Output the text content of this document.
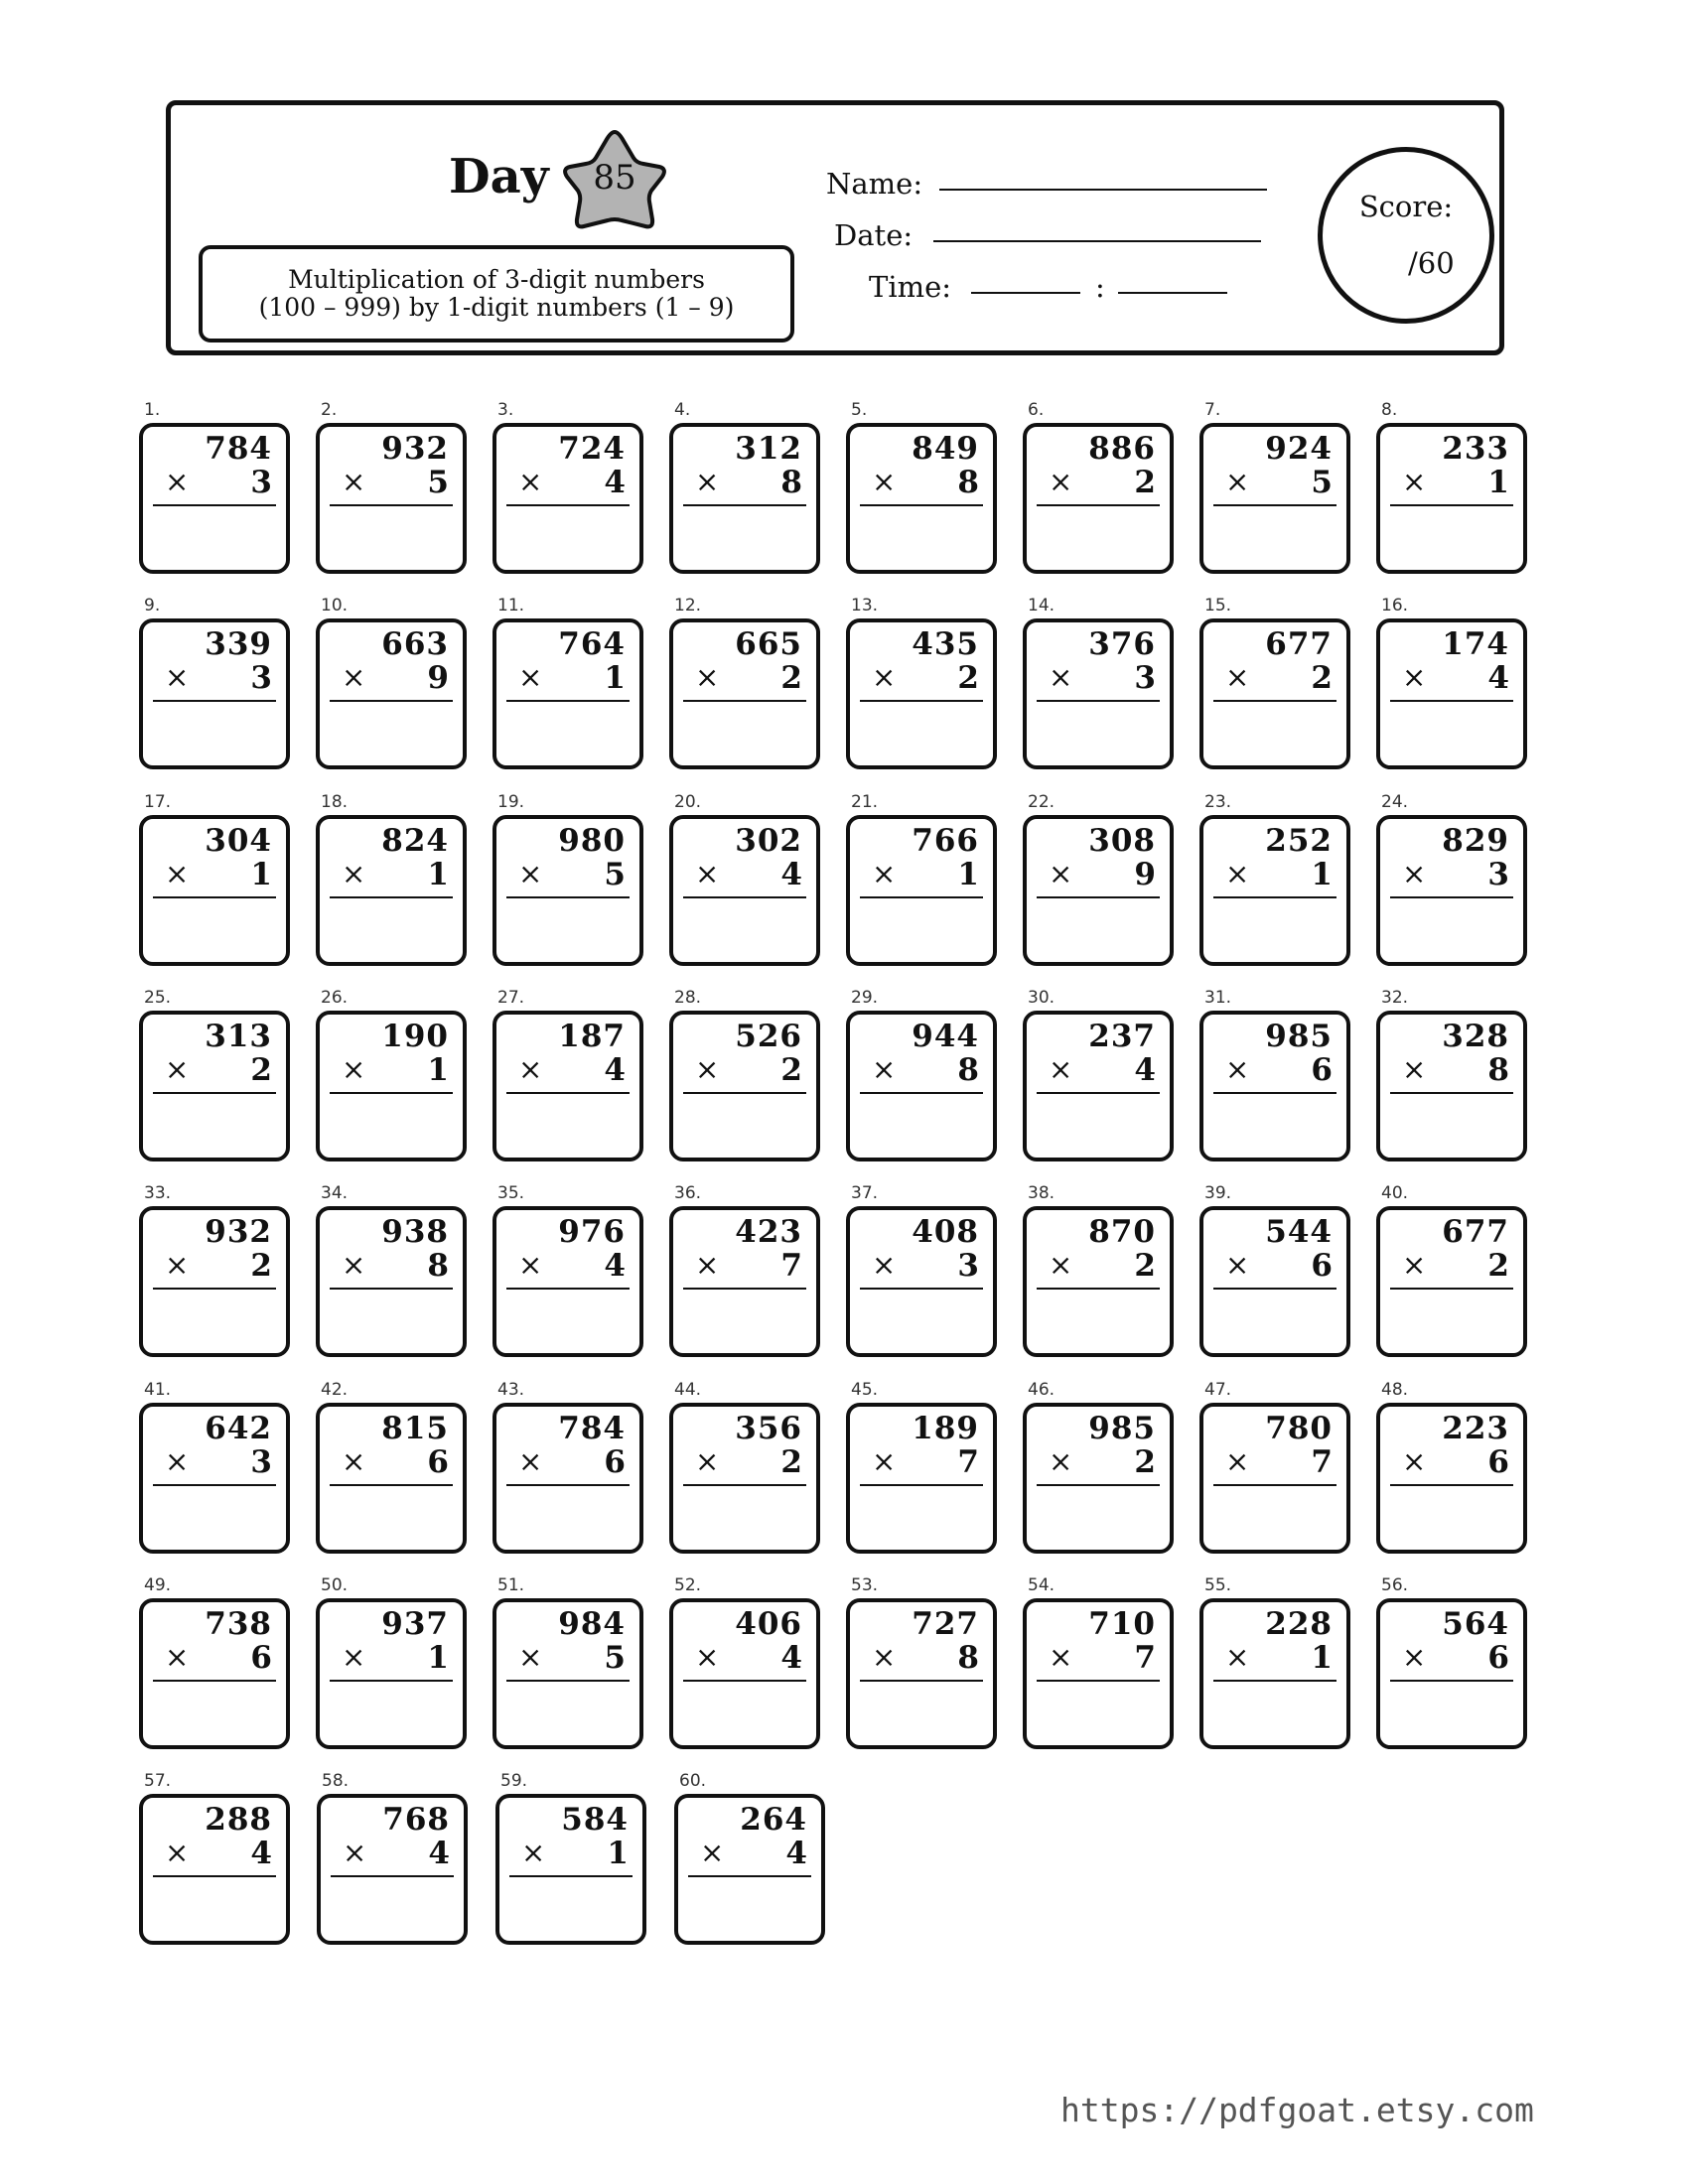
Day	85
Multiplication of 3-digit numbers
(100 – 999) by 1-digit numbers (1 – 9)
Name:
Date:
Time:	:
Score:
/60
1.
784
× 3
2.
932
× 5
3.
724
× 4
4.
312
× 8
5.
849
× 8
6.
886
× 2
7.
924
× 5
8.
233
× 1
9.
339
× 3
10.
663
× 9
11.
764
× 1
12.
665
× 2
13.
435
× 2
14.
376
× 3
15.
677
× 2
16.
174
× 4
17.
304
× 1
18.
824
× 1
19.
980
× 5
20.
302
× 4
21.
766
× 1
22.
308
× 9
23.
252
× 1
24.
829
× 3
25.
313
× 2
26.
190
× 1
27.
187
× 4
28.
526
× 2
29.
944
× 8
30.
237
× 4
31.
985
× 6
32.
328
× 8
33.
932
× 2
34.
938
× 8
35.
976
× 4
36.
423
× 7
37.
408
× 3
38.
870
× 2
39.
544
× 6
40.
677
× 2
41.
642
× 3
42.
815
× 6
43.
784
× 6
44.
356
× 2
45.
189
× 7
46.
985
× 2
47.
780
× 7
48.
223
× 6
49.
738
× 6
50.
937
× 1
51.
984
× 5
52.
406
× 4
53.
727
× 8
54.
710
× 7
55.
228
× 1
56.
564
× 6
57.
288
× 4
58.
768
× 4
59.
584
× 1
60.
264
× 4
https://pdfgoat.etsy.com
